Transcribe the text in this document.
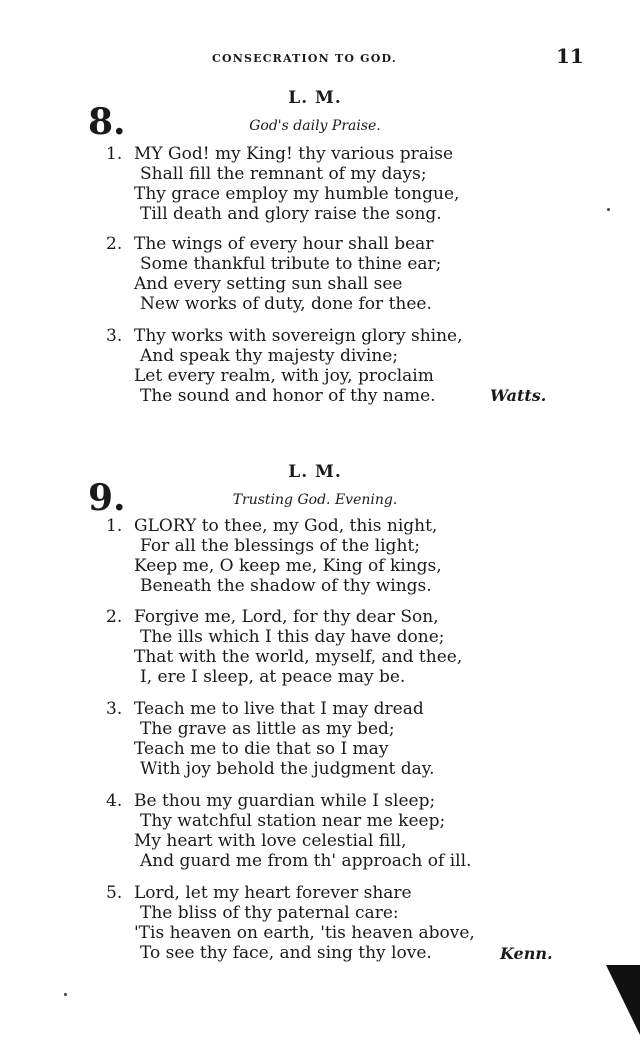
CONSECRATION TO GOD.	11
L. M.
8.	God's daily Praise.
1. MY God! my King! thy various praise
Shall fill the remnant of my days;
Thy grace employ my humble tongue,
Till death and glory raise the song.
2. The wings of every hour shall bear
Some thankful tribute to thine ear;
And every setting sun shall see
New works of duty, done for thee.
3. Thy works with sovereign glory shine,
And speak thy majesty divine;
Let every realm, with joy, proclaim
The sound and honor of thy name.	Watts.
L. M.
9.	Trusting God. Evening.
1. GLORY to thee, my God, this night,
For all the blessings of the light;
Keep me, O keep me, King of kings,
Beneath the shadow of thy wings.
2. Forgive me, Lord, for thy dear Son,
The ills which I this day have done;
That with the world, myself, and thee,
I, ere I sleep, at peace may be.
3. Teach me to live that I may dread
The grave as little as my bed;
Teach me to die that so I may
With joy behold the judgment day.
4. Be thou my guardian while I sleep;
Thy watchful station near me keep;
My heart with love celestial fill,
And guard me from th' approach of ill.
5. Lord, let my heart forever share
The bliss of thy paternal care:
'Tis heaven on earth, 'tis heaven above,
To see thy face, and sing thy love.	Kenn.
